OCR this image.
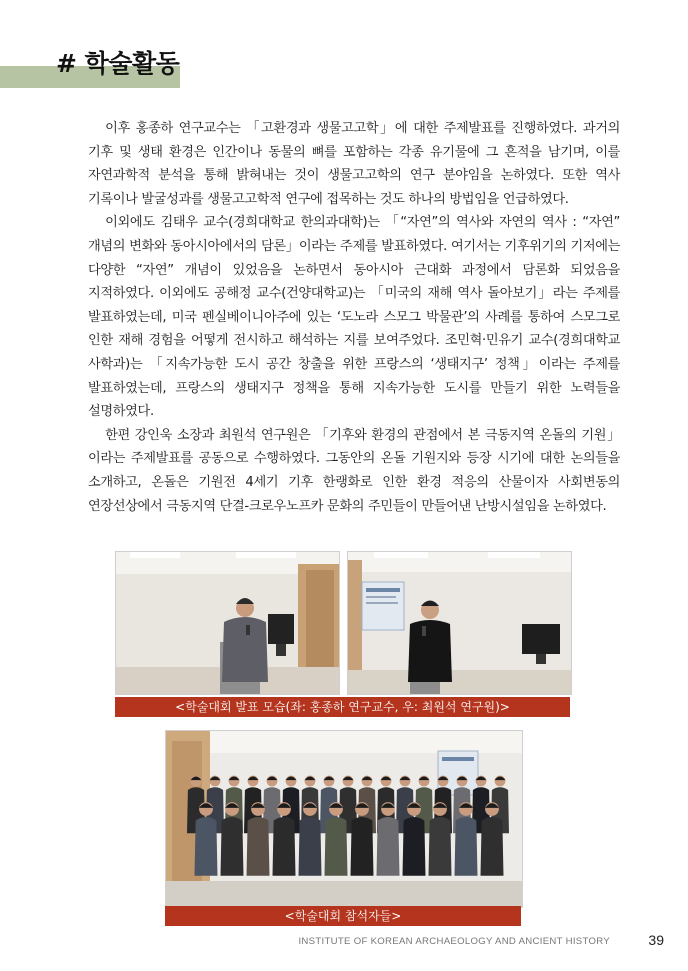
# 학술활동

이후 홍종하 연구교수는 「고환경과 생물고고학」에 대한 주제발표를 진행하였다. 과거의 기후 및 생태 환경은 인간이나 동물의 뼈를 포함하는 각종 유기물에 그 흔적을 남기며, 이를 자연과학적 분석을 통해 밝혀내는 것이 생물고고학의 연구 분야임을 논하였다. 또한 역사 기록이나 발굴성과를 생물고고학적 연구에 접목하는 것도 하나의 방법임을 언급하였다.

이외에도 김태우 교수(경희대학교 한의과대학)는 「“자연”의 역사와 자연의 역사 : “자연” 개념의 변화와 동아시아에서의 담론」이라는 주제를 발표하였다. 여기서는 기후위기의 기저에는 다양한 “자연” 개념이 있었음을 논하면서 동아시아 근대화 과정에서 담론화 되었음을 지적하였다. 이외에도 공해정 교수(건양대학교)는 「미국의 재해 역사 돌아보기」라는 주제를 발표하였는데, 미국 펜실베이니아주에 있는 ‘도노라 스모그 박물관’의 사례를 통하여 스모그로 인한 재해 경험을 어떻게 전시하고 해석하는 지를 보여주었다. 조민혁·민유기 교수(경희대학교 사학과)는 「지속가능한 도시 공간 창출을 위한 프랑스의 ‘생태지구’ 정책」이라는 주제를 발표하였는데, 프랑스의 생태지구 정책을 통해 지속가능한 도시를 만들기 위한 노력들을 설명하였다.

한편 강인욱 소장과 최원석 연구원은 「기후와 환경의 관점에서 본 극동지역 온돌의 기원」이라는 주제발표를 공동으로 수행하였다. 그동안의 온돌 기원지와 등장 시기에 대한 논의들을 소개하고, 온돌은 기원전 4세기 기후 한랭화로 인한 환경 적응의 산물이자 사회변동의 연장선상에서 극동지역 단결-크로우노프카 문화의 주민들이 만들어낸 난방시설임을 논하였다.

<학술대회 발표 모습(좌: 홍종하 연구교수, 우: 최원석 연구원)>
<학술대회 참석자들>
INSTITUTE OF KOREAN ARCHAEOLOGY AND ANCIENT HISTORY	39
